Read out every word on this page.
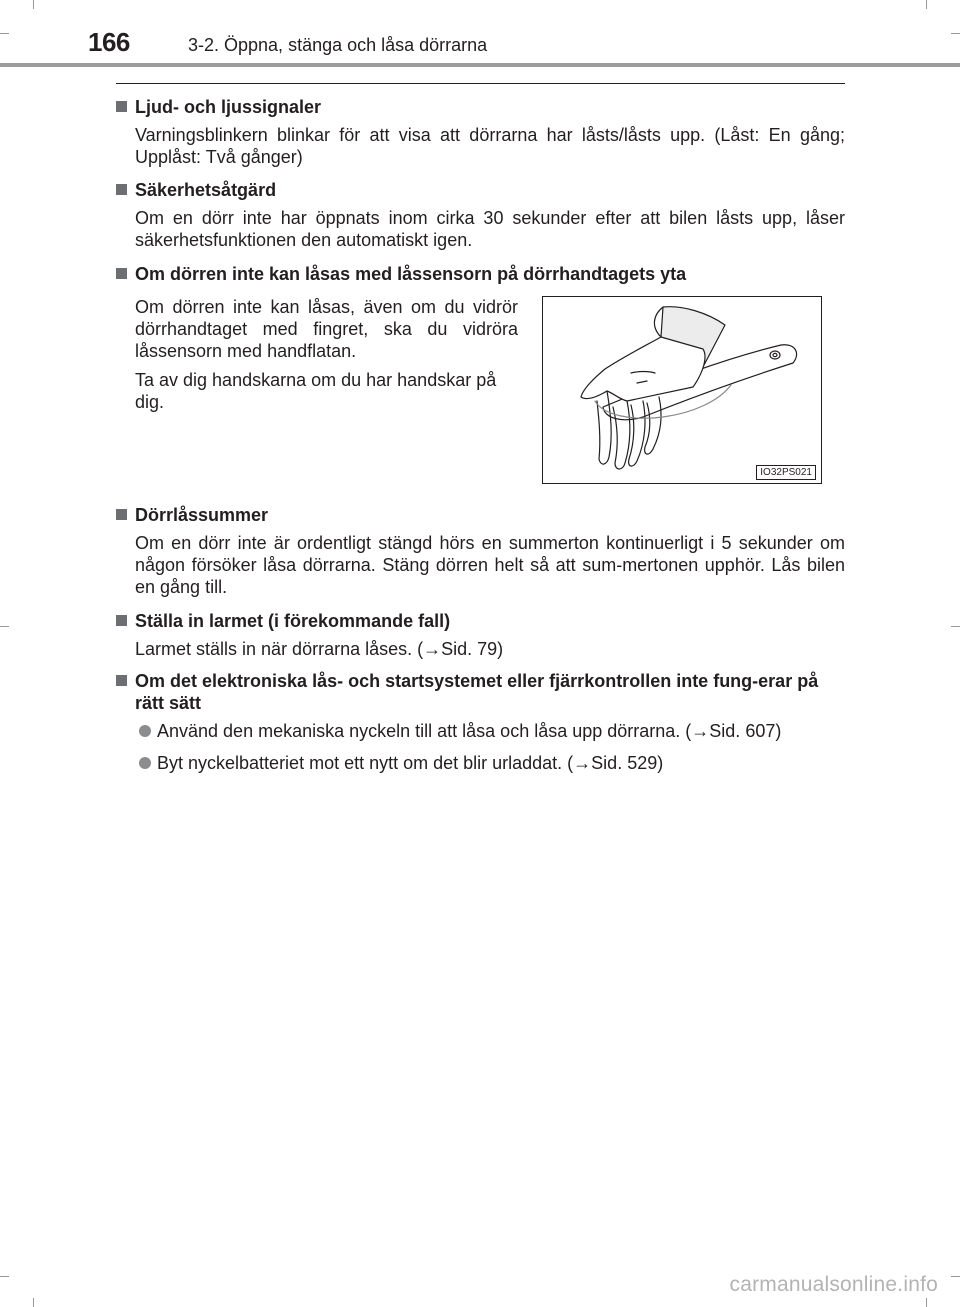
166	3-2. Öppna, stänga och låsa dörrarna
Ljud- och ljussignaler
Varningsblinkern blinkar för att visa att dörrarna har låsts/låsts upp. (Låst: En gång; Upplåst: Två gånger)
Säkerhetsåtgärd
Om en dörr inte har öppnats inom cirka 30 sekunder efter att bilen låsts upp, låser säkerhetsfunktionen den automatiskt igen.
Om dörren inte kan låsas med låssensorn på dörrhandtagets yta
Om dörren inte kan låsas, även om du vidrör dörrhandtaget med fingret, ska du vidröra låssensorn med handflatan.
Ta av dig handskarna om du har handskar på dig.
IO32PS021
Dörrlåssummer
Om en dörr inte är ordentligt stängd hörs en summerton kontinuerligt i 5 sekunder om någon försöker låsa dörrarna. Stäng dörren helt så att sum-mertonen upphör. Lås bilen en gång till.
Ställa in larmet (i förekommande fall)
Larmet ställs in när dörrarna låses. (→Sid. 79)
Om det elektroniska lås- och startsystemet eller fjärrkontrollen inte fung-erar på rätt sätt
Använd den mekaniska nyckeln till att låsa och låsa upp dörrarna. (→Sid. 607)
Byt nyckelbatteriet mot ett nytt om det blir urladdat. (→Sid. 529)
carmanualsonline.info
